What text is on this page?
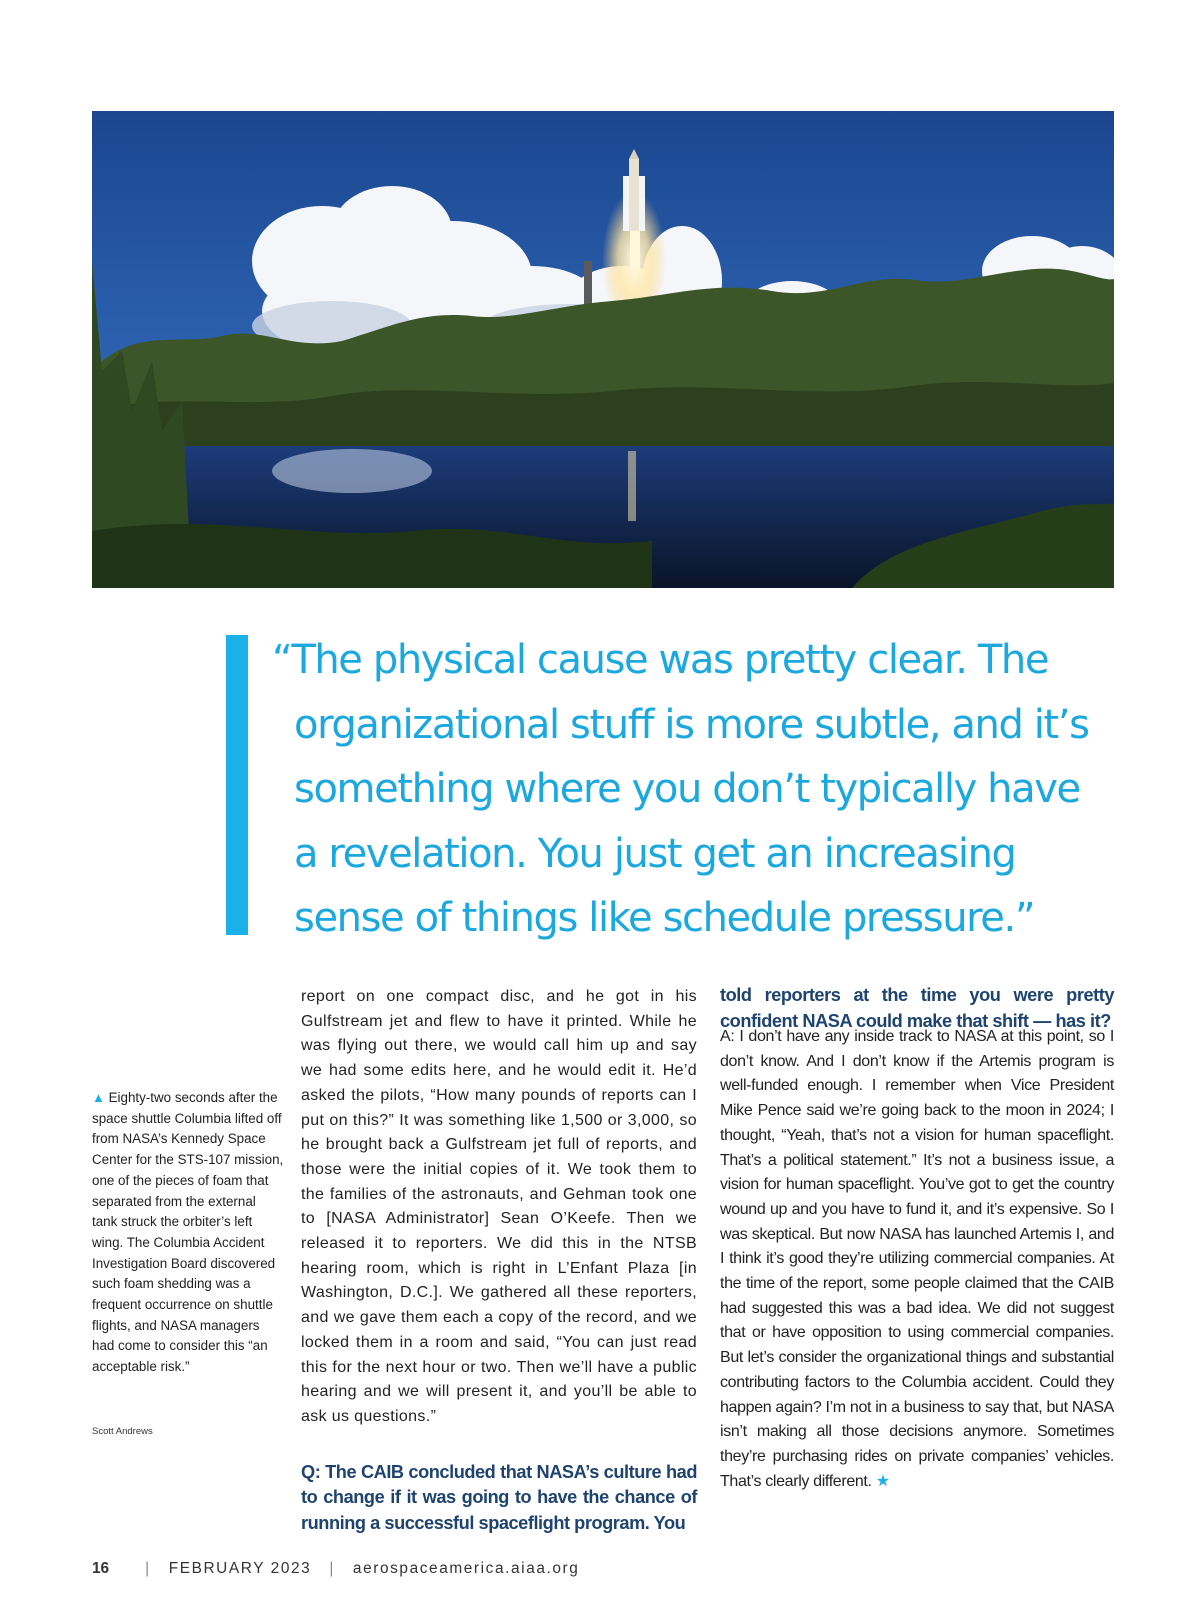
“The physical cause was pretty clear. The
organizational stuff is more subtle, and it’s
something where you don’t typically have
a revelation. You just get an increasing
sense of things like schedule pressure.”

▲ Eighty-two seconds after the space shuttle Columbia lifted off from NASA’s Kennedy Space Center for the STS-107 mission, one of the pieces of foam that separated from the external tank struck the orbiter’s left wing. The Columbia Accident Investigation Board discovered such foam shedding was a frequent occurrence on shuttle flights, and NASA managers had come to consider this “an acceptable risk.”
Scott Andrews

report on one compact disc, and he got in his Gulfstream jet and flew to have it printed. While he was flying out there, we would call him up and say we had some edits here, and he would edit it. He’d asked the pilots, “How many pounds of reports can I put on this?” It was something like 1,500 or 3,000, so he brought back a Gulfstream jet full of reports, and those were the initial copies of it. We took them to the families of the astronauts, and Gehman took one to [NASA Administrator] Sean O’Keefe. Then we released it to reporters. We did this in the NTSB hearing room, which is right in L’Enfant Plaza [in Washington, D.C.]. We gathered all these reporters, and we gave them each a copy of the record, and we locked them in a room and said, “You can just read this for the next hour or two. Then we’ll have a public hearing and we will present it, and you’ll be able to ask us questions.”

Q: The CAIB concluded that NASA’s culture had to change if it was going to have the chance of running a successful spaceflight program. You

told reporters at the time you were pretty confident NASA could make that shift — has it?

A: I don’t have any inside track to NASA at this point, so I don’t know. And I don’t know if the Artemis program is well-funded enough. I remember when Vice President Mike Pence said we’re going back to the moon in 2024; I thought, “Yeah, that’s not a vision for human spaceflight. That’s a political statement.” It’s not a business issue, a vision for human spaceflight. You’ve got to get the country wound up and you have to fund it, and it’s expensive. So I was skeptical. But now NASA has launched Artemis I, and I think it’s good they’re utilizing commercial companies. At the time of the report, some people claimed that the CAIB had suggested this was a bad idea. We did not suggest that or have opposition to using commercial companies. But let’s consider the organizational things and substantial contributing factors to the Columbia accident. Could they happen again? I’m not in a business to say that, but NASA isn’t making all those decisions anymore. Sometimes they’re purchasing rides on private companies’ vehicles. That’s clearly different. ★

16 | FEBRUARY 2023 | aerospaceamerica.aiaa.org
